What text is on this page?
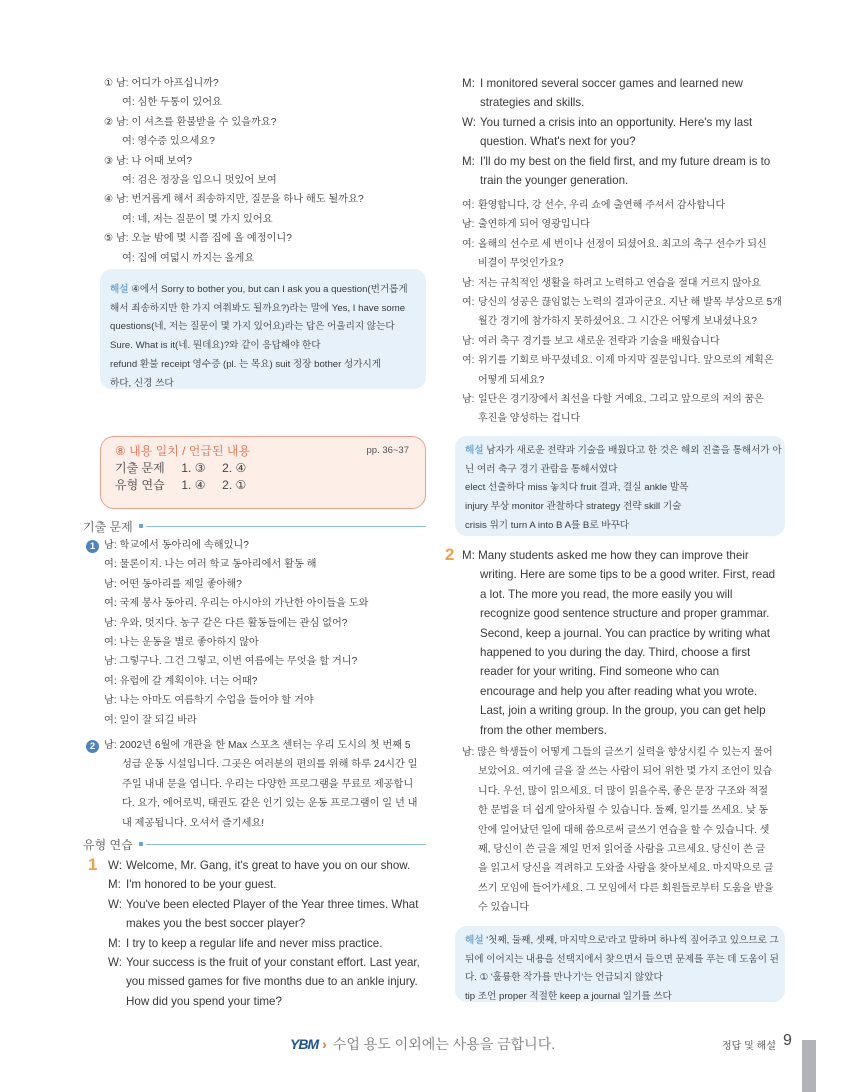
① 남: 어디가 아프십니까?
여: 심한 두통이 있어요
② 남: 이 셔츠를 환불받을 수 있을까요?
여: 영수증 있으세요?
③ 남: 나 어때 보여?
여: 검은 정장을 입으니 멋있어 보여
④ 남: 번거롭게 해서 죄송하지만, 질문을 하나 해도 될까요?
여: 네, 저는 질문이 몇 가지 있어요
⑤ 남: 오늘 밤에 몇 시쯤 집에 올 예정이니?
여: 집에 여덟시 까지는 올게요
해설 ④에서 Sorry to bother you, but can I ask you a question(번거롭게
해서 죄송하지만 한 가지 여쭤봐도 될까요?)라는 말에 Yes, I have some
questions(네, 저는 질문이 몇 가지 있어요)라는 답은 어울리지 않는다
Sure. What is it(네. 뭔데요)?와 같이 응답해야 한다
refund 환불 receipt 영수증 (pl. 는 목요) suit 정장 bother 성가시게
하다, 신경 쓰다
⑧ 내용 일치 / 언급된 내용	pp. 36~37
기출 문제     1. ③     2. ④
유형 연습     1. ④     2. ①
기출 문제
1 남: 학교에서 동아리에 속해있니?
여: 물론이지. 나는 여러 학교 동아리에서 활동 해
남: 어떤 동아리를 제일 좋아해?
여: 국제 봉사 동아리. 우리는 아시아의 가난한 아이들을 도와
남: 우와, 멋지다. 농구 같은 다른 활동들에는 관심 없어?
여: 나는 운동을 별로 좋아하지 않아
남: 그렇구나. 그건 그렇고, 이번 여름에는 무엇을 할 거니?
여: 유럽에 갈 계획이야. 너는 어때?
남: 나는 아마도 여름학기 수업을 들어야 할 거야
여: 일이 잘 되길 바라
2 남: 2002년 6월에 개관을 한 Max 스포츠 센터는 우리 도시의 첫 번째 5
성급 운동 시설입니다. 그곳은 여러분의 편의를 위해 하루 24시간 일
주일 내내 문을 엽니다. 우리는 다양한 프로그램을 무료로 제공합니
다. 요가, 에어로빅, 태권도 같은 인기 있는 운동 프로그램이 일 년 내
내 제공됩니다. 오셔서 즐기세요!
유형 연습
1 W: Welcome, Mr. Gang, it's great to have you on our show.
M: I'm honored to be your guest.
W: You've been elected Player of the Year three times. What
makes you the best soccer player?
M: I try to keep a regular life and never miss practice.
W: Your success is the fruit of your constant effort. Last year,
you missed games for five months due to an ankle injury.
How did you spend your time?
M: I monitored several soccer games and learned new
strategies and skills.
W: You turned a crisis into an opportunity. Here's my last
question. What's next for you?
M: I'll do my best on the field first, and my future dream is to
train the younger generation.
여: 환영합니다, 강 선수, 우리 쇼에 출연해 주셔서 감사합니다
남: 출연하게 되어 영광입니다
여: 올해의 선수로 세 번이나 선정이 되셨어요. 최고의 축구 선수가 되신
비결이 무엇인가요?
남: 저는 규칙적인 생활을 하려고 노력하고 연습을 절대 거르지 않아요
여: 당신의 성공은 끊임없는 노력의 결과이군요. 지난 해 발목 부상으로 5개
월간 경기에 참가하지 못하셨어요. 그 시간은 어떻게 보내셨나요?
남: 여러 축구 경기를 보고 새로운 전략과 기술을 배웠습니다
여: 위기를 기회로 바꾸셨네요. 이제 마지막 질문입니다. 앞으로의 계획은
어떻게 되세요?
남: 일단은 경기장에서 최선을 다할 거예요, 그리고 앞으로의 저의 꿈은
후진을 양성하는 겁니다
해설 남자가 새로운 전략과 기술을 배웠다고 한 것은 해외 진출을 통해서가 아
닌 여러 축구 경기 관람을 통해서였다
elect 선출하다 miss 놓치다 fruit 결과, 결실 ankle 발목
injury 부상 monitor 관찰하다 strategy 전략 skill 기술
crisis 위기 turn A into B A를 B로 바꾸다
2 M: Many students asked me how they can improve their
writing. Here are some tips to be a good writer. First, read
a lot. The more you read, the more easily you will
recognize good sentence structure and proper grammar.
Second, keep a journal. You can practice by writing what
happened to you during the day. Third, choose a first
reader for your writing. Find someone who can
encourage and help you after reading what you wrote.
Last, join a writing group. In the group, you can get help
from the other members.
남: 많은 학생들이 어떻게 그들의 글쓰기 실력을 향상시킬 수 있는지 물어
보았어요. 여기에 글을 잘 쓰는 사람이 되어 위한 몇 가지 조언이 있습
니다. 우선, 많이 읽으세요. 더 많이 읽을수록, 좋은 문장 구조와 적절
한 문법을 더 쉽게 알아차릴 수 있습니다. 둘째, 일기를 쓰세요. 낮 동
안에 일어났던 일에 대해 씀으로써 글쓰기 연습을 할 수 있습니다. 셋
째, 당신이 쓴 글을 제일 먼저 읽어줄 사람을 고르세요. 당신이 쓴 글
을 읽고서 당신을 격려하고 도와줄 사람을 찾아보세요. 마지막으로 글
쓰기 모임에 들어가세요. 그 모임에서 다른 회원들로부터 도움을 받을
수 있습니다
해설 '첫째, 둘째, 셋째, 마지막으로'라고 말하며 하나씩 짚어주고 있으므로 그
뒤에 이어지는 내용을 선택지에서 찾으면서 들으면 문제를 푸는 데 도움이 된
다. ① '훌륭한 작가를 만나기'는 언급되지 않았다
tip 조언 proper 적절한 keep a journal 일기를 쓰다
YBM › 수업 용도 이외에는 사용을 금합니다.	정답 및 해설 9
